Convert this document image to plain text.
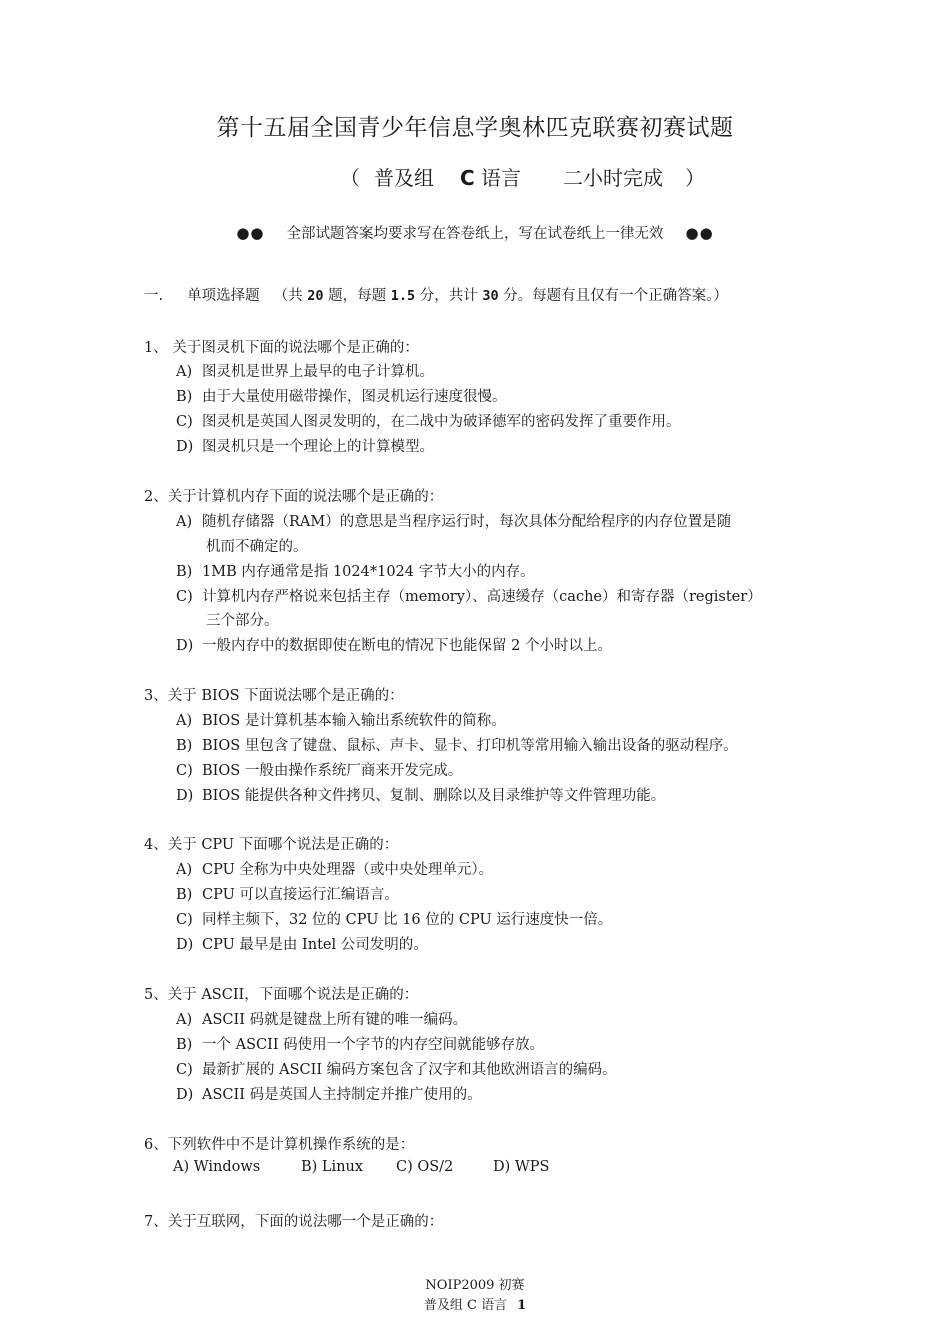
第十五届全国青少年信息学奥林匹克联赛初赛试题
（ 普及组 C 语言 二小时完成 ）
●● 全部试题答案均要求写在答卷纸上，写在试卷纸上一律无效 ●●
一. 单项选择题 （共 20 题，每题 1.5 分，共计 30 分。每题有且仅有一个正确答案。）
1、 关于图灵机下面的说法哪个是正确的：
A) 图灵机是世界上最早的电子计算机。
B) 由于大量使用磁带操作，图灵机运行速度很慢。
C) 图灵机是英国人图灵发明的，在二战中为破译德军的密码发挥了重要作用。
D) 图灵机只是一个理论上的计算模型。
2、关于计算机内存下面的说法哪个是正确的：
A) 随机存储器（RAM）的意思是当程序运行时，每次具体分配给程序的内存位置是随
机而不确定的。
B) 1MB 内存通常是指 1024*1024 字节大小的内存。
C) 计算机内存严格说来包括主存（memory）、高速缓存（cache）和寄存器（register）
三个部分。
D) 一般内存中的数据即使在断电的情况下也能保留 2 个小时以上。
3、关于 BIOS 下面说法哪个是正确的：
A) BIOS 是计算机基本输入输出系统软件的简称。
B) BIOS 里包含了键盘、鼠标、声卡、显卡、打印机等常用输入输出设备的驱动程序。
C) BIOS 一般由操作系统厂商来开发完成。
D) BIOS 能提供各种文件拷贝、复制、删除以及目录维护等文件管理功能。
4、关于 CPU 下面哪个说法是正确的：
A) CPU 全称为中央处理器（或中央处理单元）。
B) CPU 可以直接运行汇编语言。
C) 同样主频下，32 位的 CPU 比 16 位的 CPU 运行速度快一倍。
D) CPU 最早是由 Intel 公司发明的。
5、关于 ASCII，下面哪个说法是正确的：
A) ASCII 码就是键盘上所有键的唯一编码。
B) 一个 ASCII 码使用一个字节的内存空间就能够存放。
C) 最新扩展的 ASCII 编码方案包含了汉字和其他欧洲语言的编码。
D) ASCII 码是英国人主持制定并推广使用的。
6、下列软件中不是计算机操作系统的是：
A) Windows	B) Linux C) OS/2	D) WPS
7、关于互联网，下面的说法哪一个是正确的：
NOIP2009 初赛
普及组 C 语言 1
